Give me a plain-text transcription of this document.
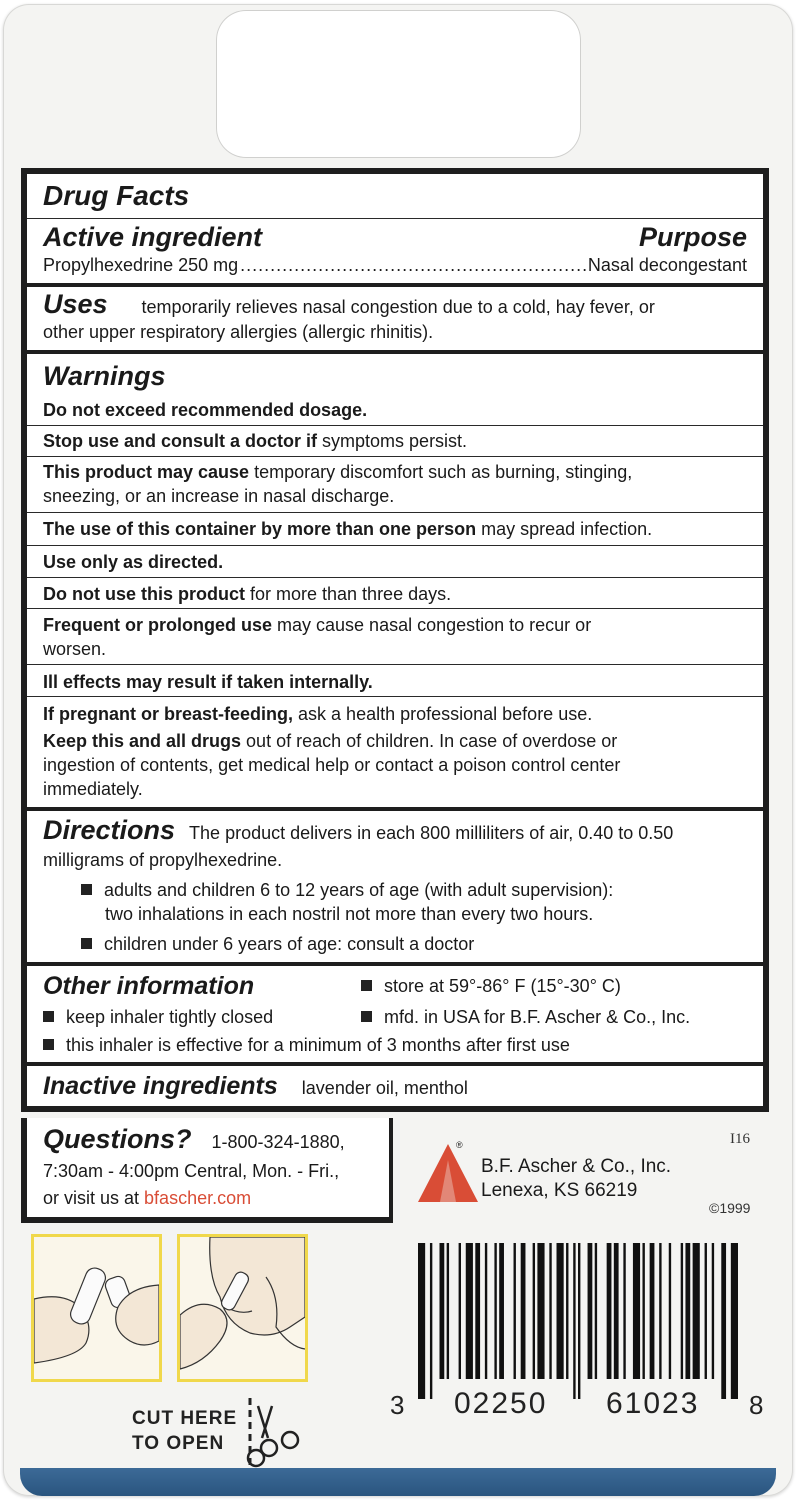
Drug Facts
Active ingredient	Purpose
Propylhexedrine 250 mg
.....	Nasal decongestant
Uses temporarily relieves nasal congestion due to a cold, hay fever, or
other upper respiratory allergies (allergic rhinitis).
Warnings
Do not exceed recommended dosage.
Stop use and consult a doctor if symptoms persist.
This product may cause temporary discomfort such as burning, stinging,
sneezing, or an increase in nasal discharge.
The use of this container by more than one person may spread infection.
Use only as directed.
Do not use this product for more than three days.
Frequent or prolonged use may cause nasal congestion to recur or
worsen.
Ill effects may result if taken internally.
If pregnant or breast-feeding, ask a health professional before use.
Keep this and all drugs out of reach of children. In case of overdose or
ingestion of contents, get medical help or contact a poison control center
immediately.
Directions The product delivers in each 800 milliliters of air, 0.40 to 0.50
milligrams of propylhexedrine.
adults and children 6 to 12 years of age (with adult supervision):
two inhalations in each nostril not more than every two hours.
children under 6 years of age: consult a doctor
Other information	store at 59°-86° F (15°-30° C)
keep inhaler tightly closed	mfd. in USA for B.F. Ascher & Co., Inc.
this inhaler is effective for a minimum of 3 months after first use
Inactive ingredients lavender oil, menthol
Questions? 1-800-324-1880,
7:30am - 4:00pm Central, Mon. - Fri.,
or visit us at bfascher.com
®	I16
B.F. Ascher & Co., Inc.
Lenexa, KS 66219
©1999
3 02250 61023 8
CUT HERE
TO OPEN
